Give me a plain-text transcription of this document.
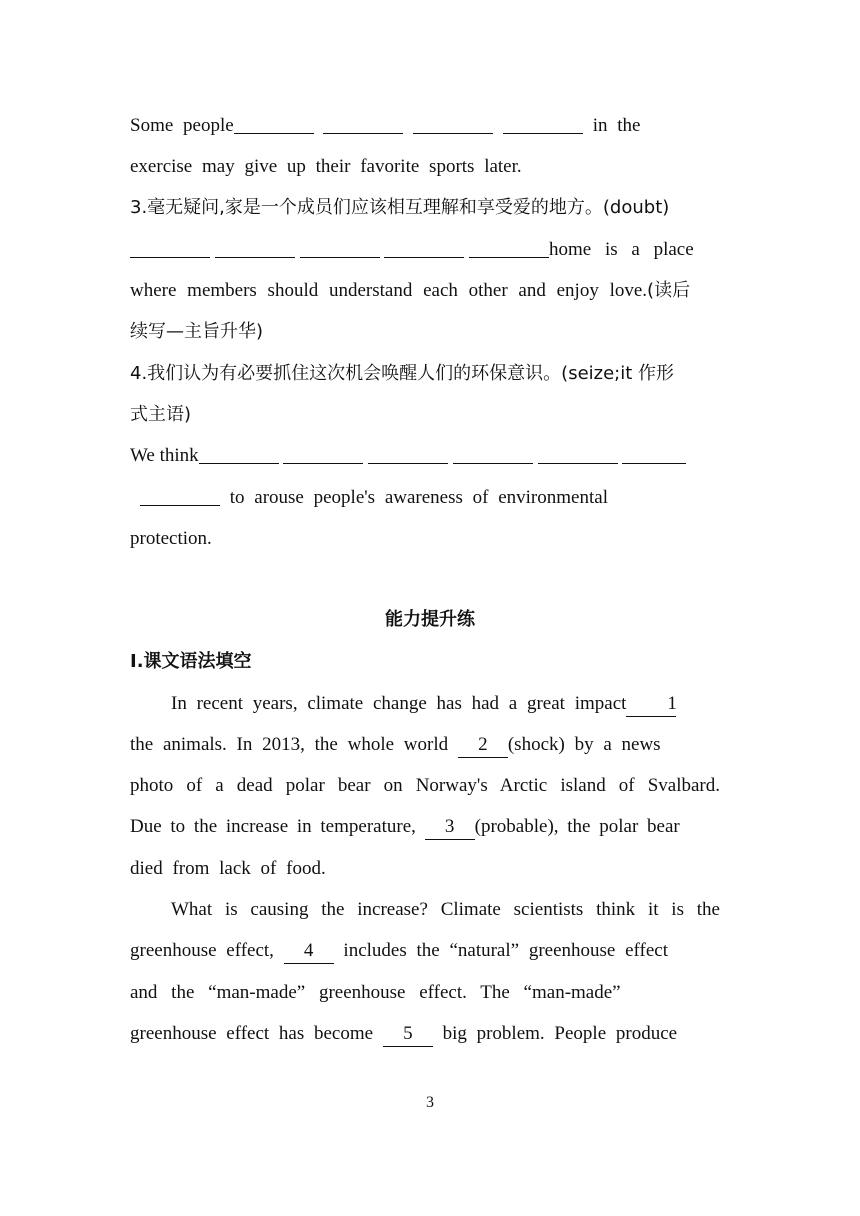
Some people	in the
exercise may give up their favorite sports later.
3.毫无疑问,家是一个成员们应该相互理解和享受爱的地方。(doubt)
home is a place
where members should understand each other and enjoy love.(读后
续写—主旨升华)
4.我们认为有必要抓住这次机会唤醒人们的环保意识。(seize;it 作形
式主语)
We think
to arouse people's awareness of environmental
protection.
能力提升练
Ⅰ.课文语法填空
In recent years, climate change has had a great impact 1
the animals. In 2013, the whole world 2 (shock) by a news
photo of a dead polar bear on Norway's Arctic island of Svalbard.
Due to the increase in temperature, 3 (probable), the polar bear
died from lack of food.
What is causing the increase? Climate scientists think it is the
greenhouse effect, 4 includes the “natural” greenhouse effect
and the “man-made” greenhouse effect. The “man-made”
greenhouse effect has become 5 big problem. People produce
3
